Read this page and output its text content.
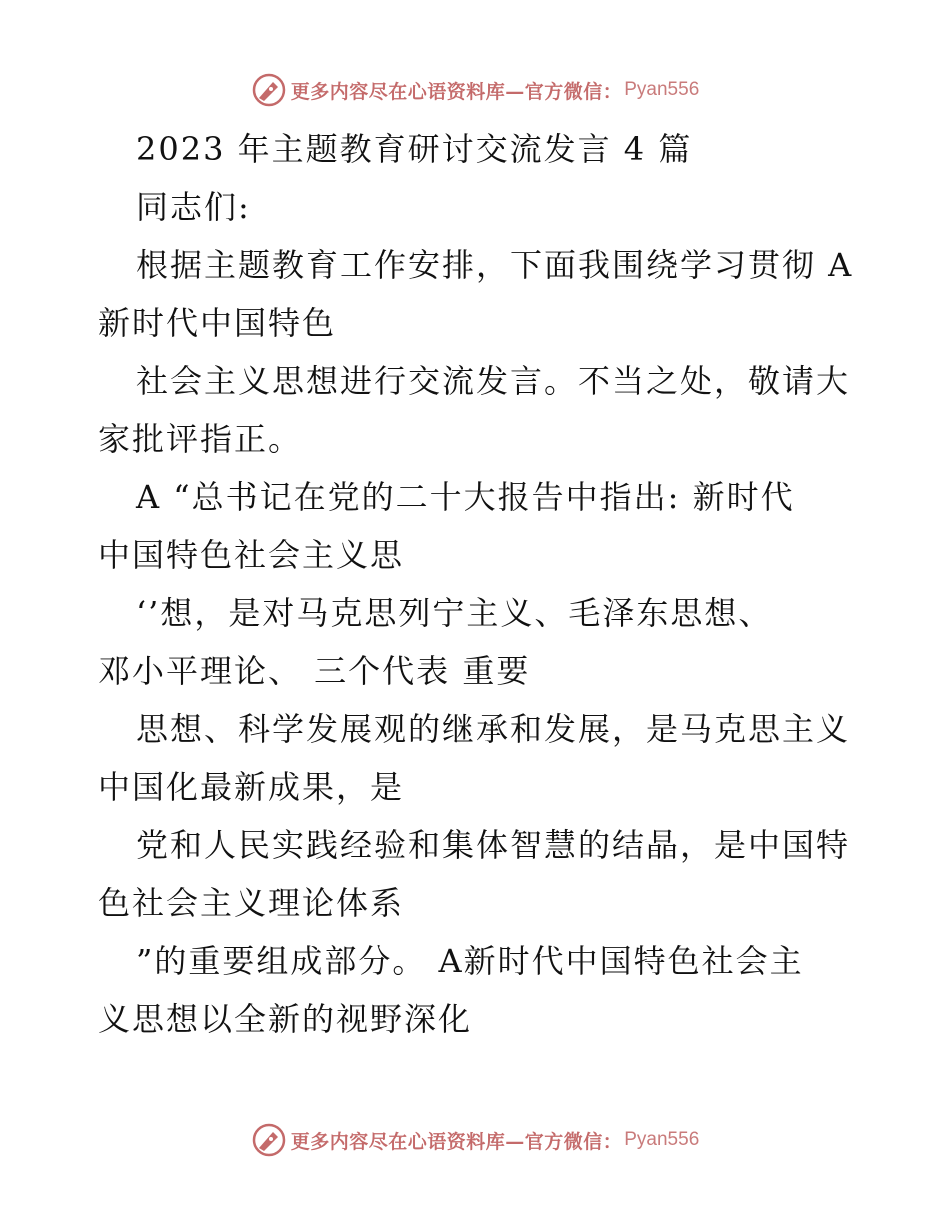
更多内容尽在心语资料库—官方微信： Pyan556
2023 年主题教育研讨交流发言 4 篇
同志们:
根据主题教育工作安排，下面我围绕学习贯彻 A
新时代中国特色
社会主义思想进行交流发言。不当之处，敬请大
家批评指正。
A “总书记在党的二十大报告中指出: 新时代
中国特色社会主义思
‘’想，是对马克思列宁主义、毛泽东思想、
邓小平理论、 三个代表 重要
思想、科学发展观的继承和发展，是马克思主义
中国化最新成果，是
党和人民实践经验和集体智慧的结晶，是中国特
色社会主义理论体系
”的重要组成部分。 A新时代中国特色社会主
义思想以全新的视野深化
更多内容尽在心语资料库—官方微信： Pyan556
